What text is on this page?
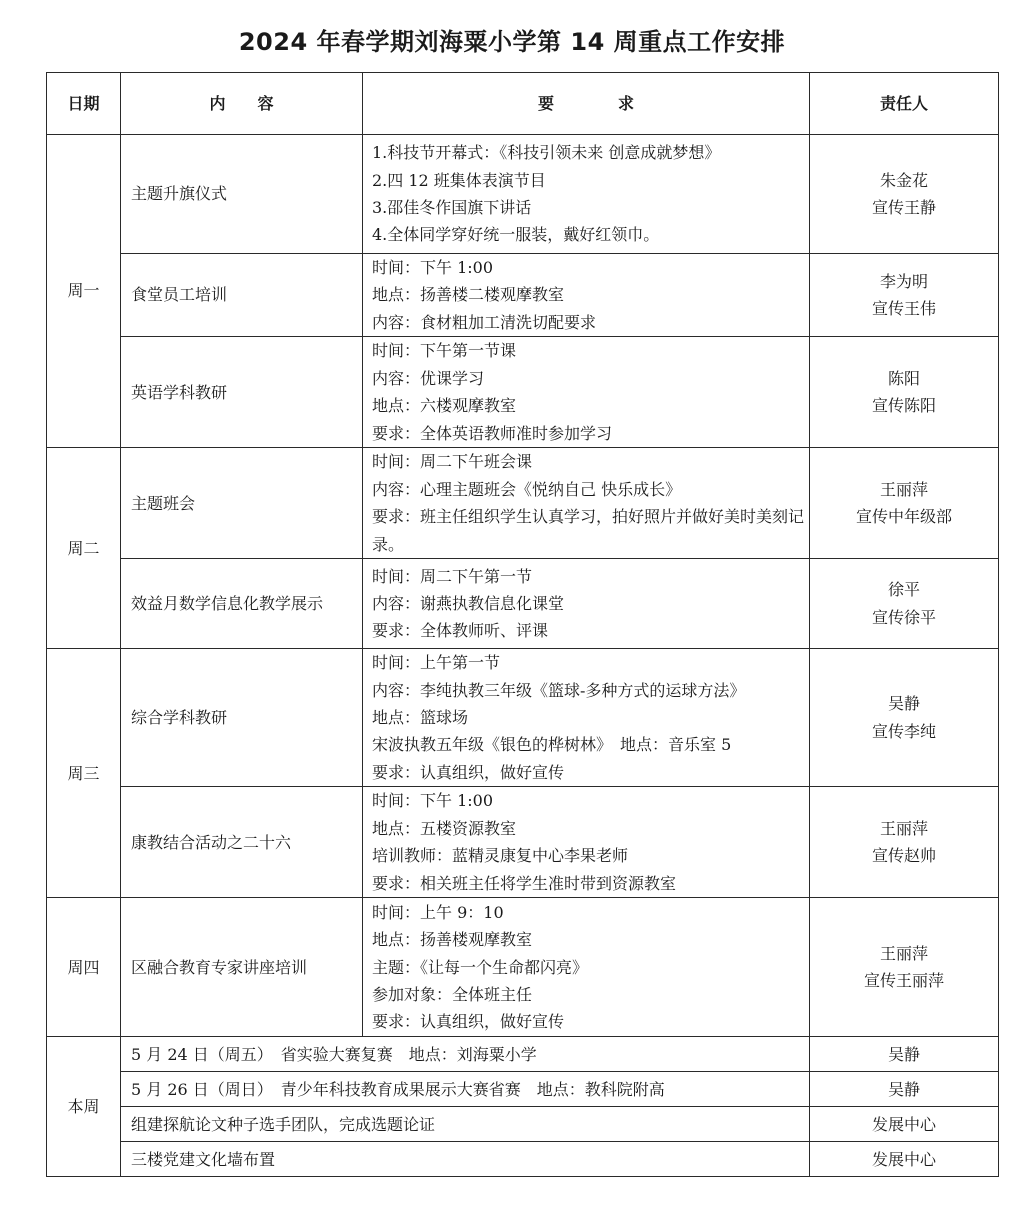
2024 年春学期刘海粟小学第 14 周重点工作安排
日期	内　　容	要　　　　求	责任人
周一	主题升旗仪式	1.科技节开幕式：《科技引领未来 创意成就梦想》
2.四 12 班集体表演节目
3.邵佳冬作国旗下讲话
4.全体同学穿好统一服装，戴好红领巾。	朱金花
宣传王静

	食堂员工培训	时间：下午 1:00
地点：扬善楼二楼观摩教室
内容：食材粗加工清洗切配要求	李为明
宣传王伟

	英语学科教研	时间：下午第一节课
内容：优课学习
地点：六楼观摩教室
要求：全体英语教师准时参加学习	陈阳
宣传陈阳

周二	主题班会	时间：周二下午班会课
内容：心理主题班会《悦纳自己 快乐成长》
要求：班主任组织学生认真学习，拍好照片并做好美时美刻记录。	王丽萍
宣传中年级部

	效益月数学信息化教学展示	时间：周二下午第一节
内容：谢燕执教信息化课堂
要求：全体教师听、评课	徐平
宣传徐平

周三	综合学科教研	时间：上午第一节
内容：李纯执教三年级《篮球-多种方式的运球方法》
地点：篮球场
宋波执教五年级《银色的桦树林》　地点：音乐室 5
要求：认真组织，做好宣传	吴静
宣传李纯

	康教结合活动之二十六	时间：下午 1:00
地点：五楼资源教室
培训教师：蓝精灵康复中心李果老师
要求：相关班主任将学生准时带到资源教室	王丽萍
宣传赵帅

周四	区融合教育专家讲座培训	时间：上午 9：10
地点：扬善楼观摩教室
主题：《让每一个生命都闪亮》
参加对象：全体班主任
要求：认真组织，做好宣传	王丽萍
宣传王丽萍

本周	5 月 24 日（周五）　省实验大赛复赛　地点：刘海粟小学		吴静
	5 月 26 日（周日）　青少年科技教育成果展示大赛省赛　地点：教科院附高		吴静
	组建探航论文种子选手团队，完成选题论证		发展中心
	三楼党建文化墙布置		发展中心
